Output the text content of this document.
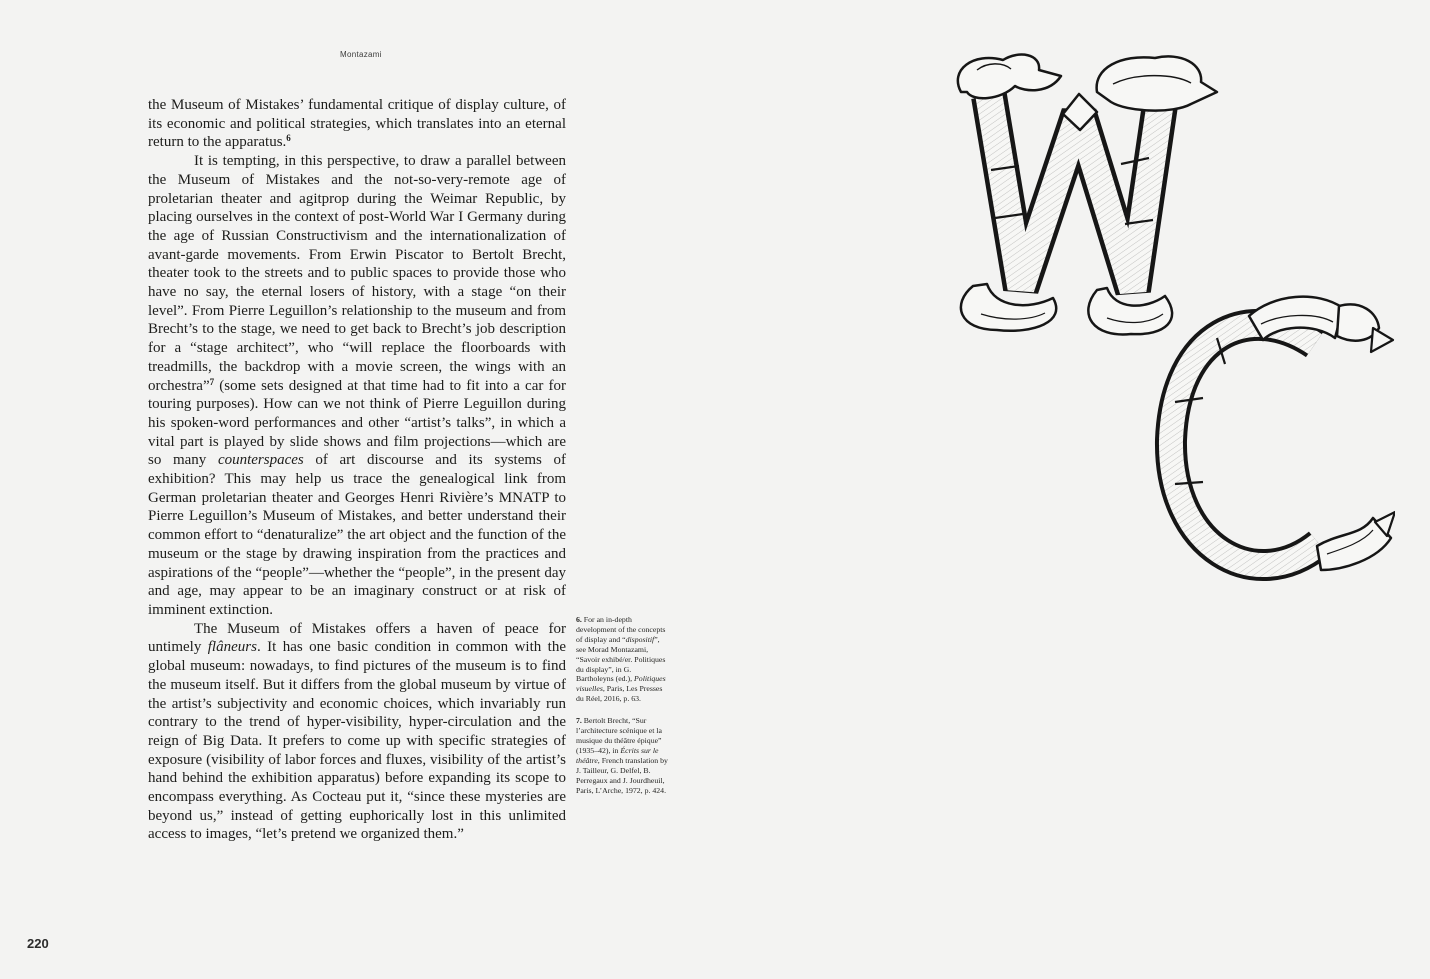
Montazami

the Museum of Mistakes’ fundamental critique of display culture, of its economic and political strategies, which translates into an eternal return to the apparatus.$^6$

It is tempting, in this perspective, to draw a parallel between the Museum of Mistakes and the not-so-very-remote age of proletarian theater and agitprop during the Weimar Republic, by placing ourselves in the context of post-World War I Germany during the age of Russian Constructivism and the internationalization of avant-garde movements. From Erwin Piscator to Bertolt Brecht, theater took to the streets and to public spaces to provide those who have no say, the eternal losers of history, with a stage “on their level”. From Pierre Leguillon’s relationship to the museum and from Brecht’s to the stage, we need to get back to Brecht’s job description for a “stage architect”, who “will replace the floorboards with treadmills, the backdrop with a movie screen, the wings with an orchestra”$^7$ (some sets designed at that time had to fit into a car for touring purposes). How can we not think of Pierre Leguillon during his spoken-word performances and other “artist’s talks”, in which a vital part is played by slide shows and film projections—which are so many counterspaces of art discourse and its systems of exhibition? This may help us trace the genealogical link from German proletarian theater and Georges Henri Rivière’s MNATP to Pierre Leguillon’s Museum of Mistakes, and better understand their common effort to “denaturalize” the art object and the function of the museum or the stage by drawing inspiration from the practices and aspirations of the “people”—whether the “people”, in the present day and age, may appear to be an imaginary construct or at risk of imminent extinction.

The Museum of Mistakes offers a haven of peace for untimely flâneurs. It has one basic condition in common with the global museum: nowadays, to find pictures of the museum is to find the museum itself. But it differs from the global museum by virtue of the artist’s subjectivity and economic choices, which invariably run contrary to the trend of hyper-visibility, hyper-circulation and the reign of Big Data. It prefers to come up with specific strategies of exposure (visibility of labor forces and fluxes, visibility of the artist’s hand behind the exhibition apparatus) before expanding its scope to encompass everything. As Cocteau put it, “since these mysteries are beyond us,” instead of getting euphorically lost in this unlimited access to images, “let’s pretend we organized them.”

6. For an in-depth development of the concepts of display and “dispositif”, see Morad Montazami, “Savoir exhibé/er. Politiques du display”, in G. Bartholeyns (ed.), Politiques visuelles, Paris, Les Presses du Réel, 2016, p. 63.

7. Bertolt Brecht, “Sur l’architecture scénique et la musique du théâtre épique” (1935–42), in Écrits sur le théâtre, French translation by J. Tailleur, G. Delfel, B. Perregaux and J. Jourdheuil, Paris, L’Arche, 1972, p. 424.

220
